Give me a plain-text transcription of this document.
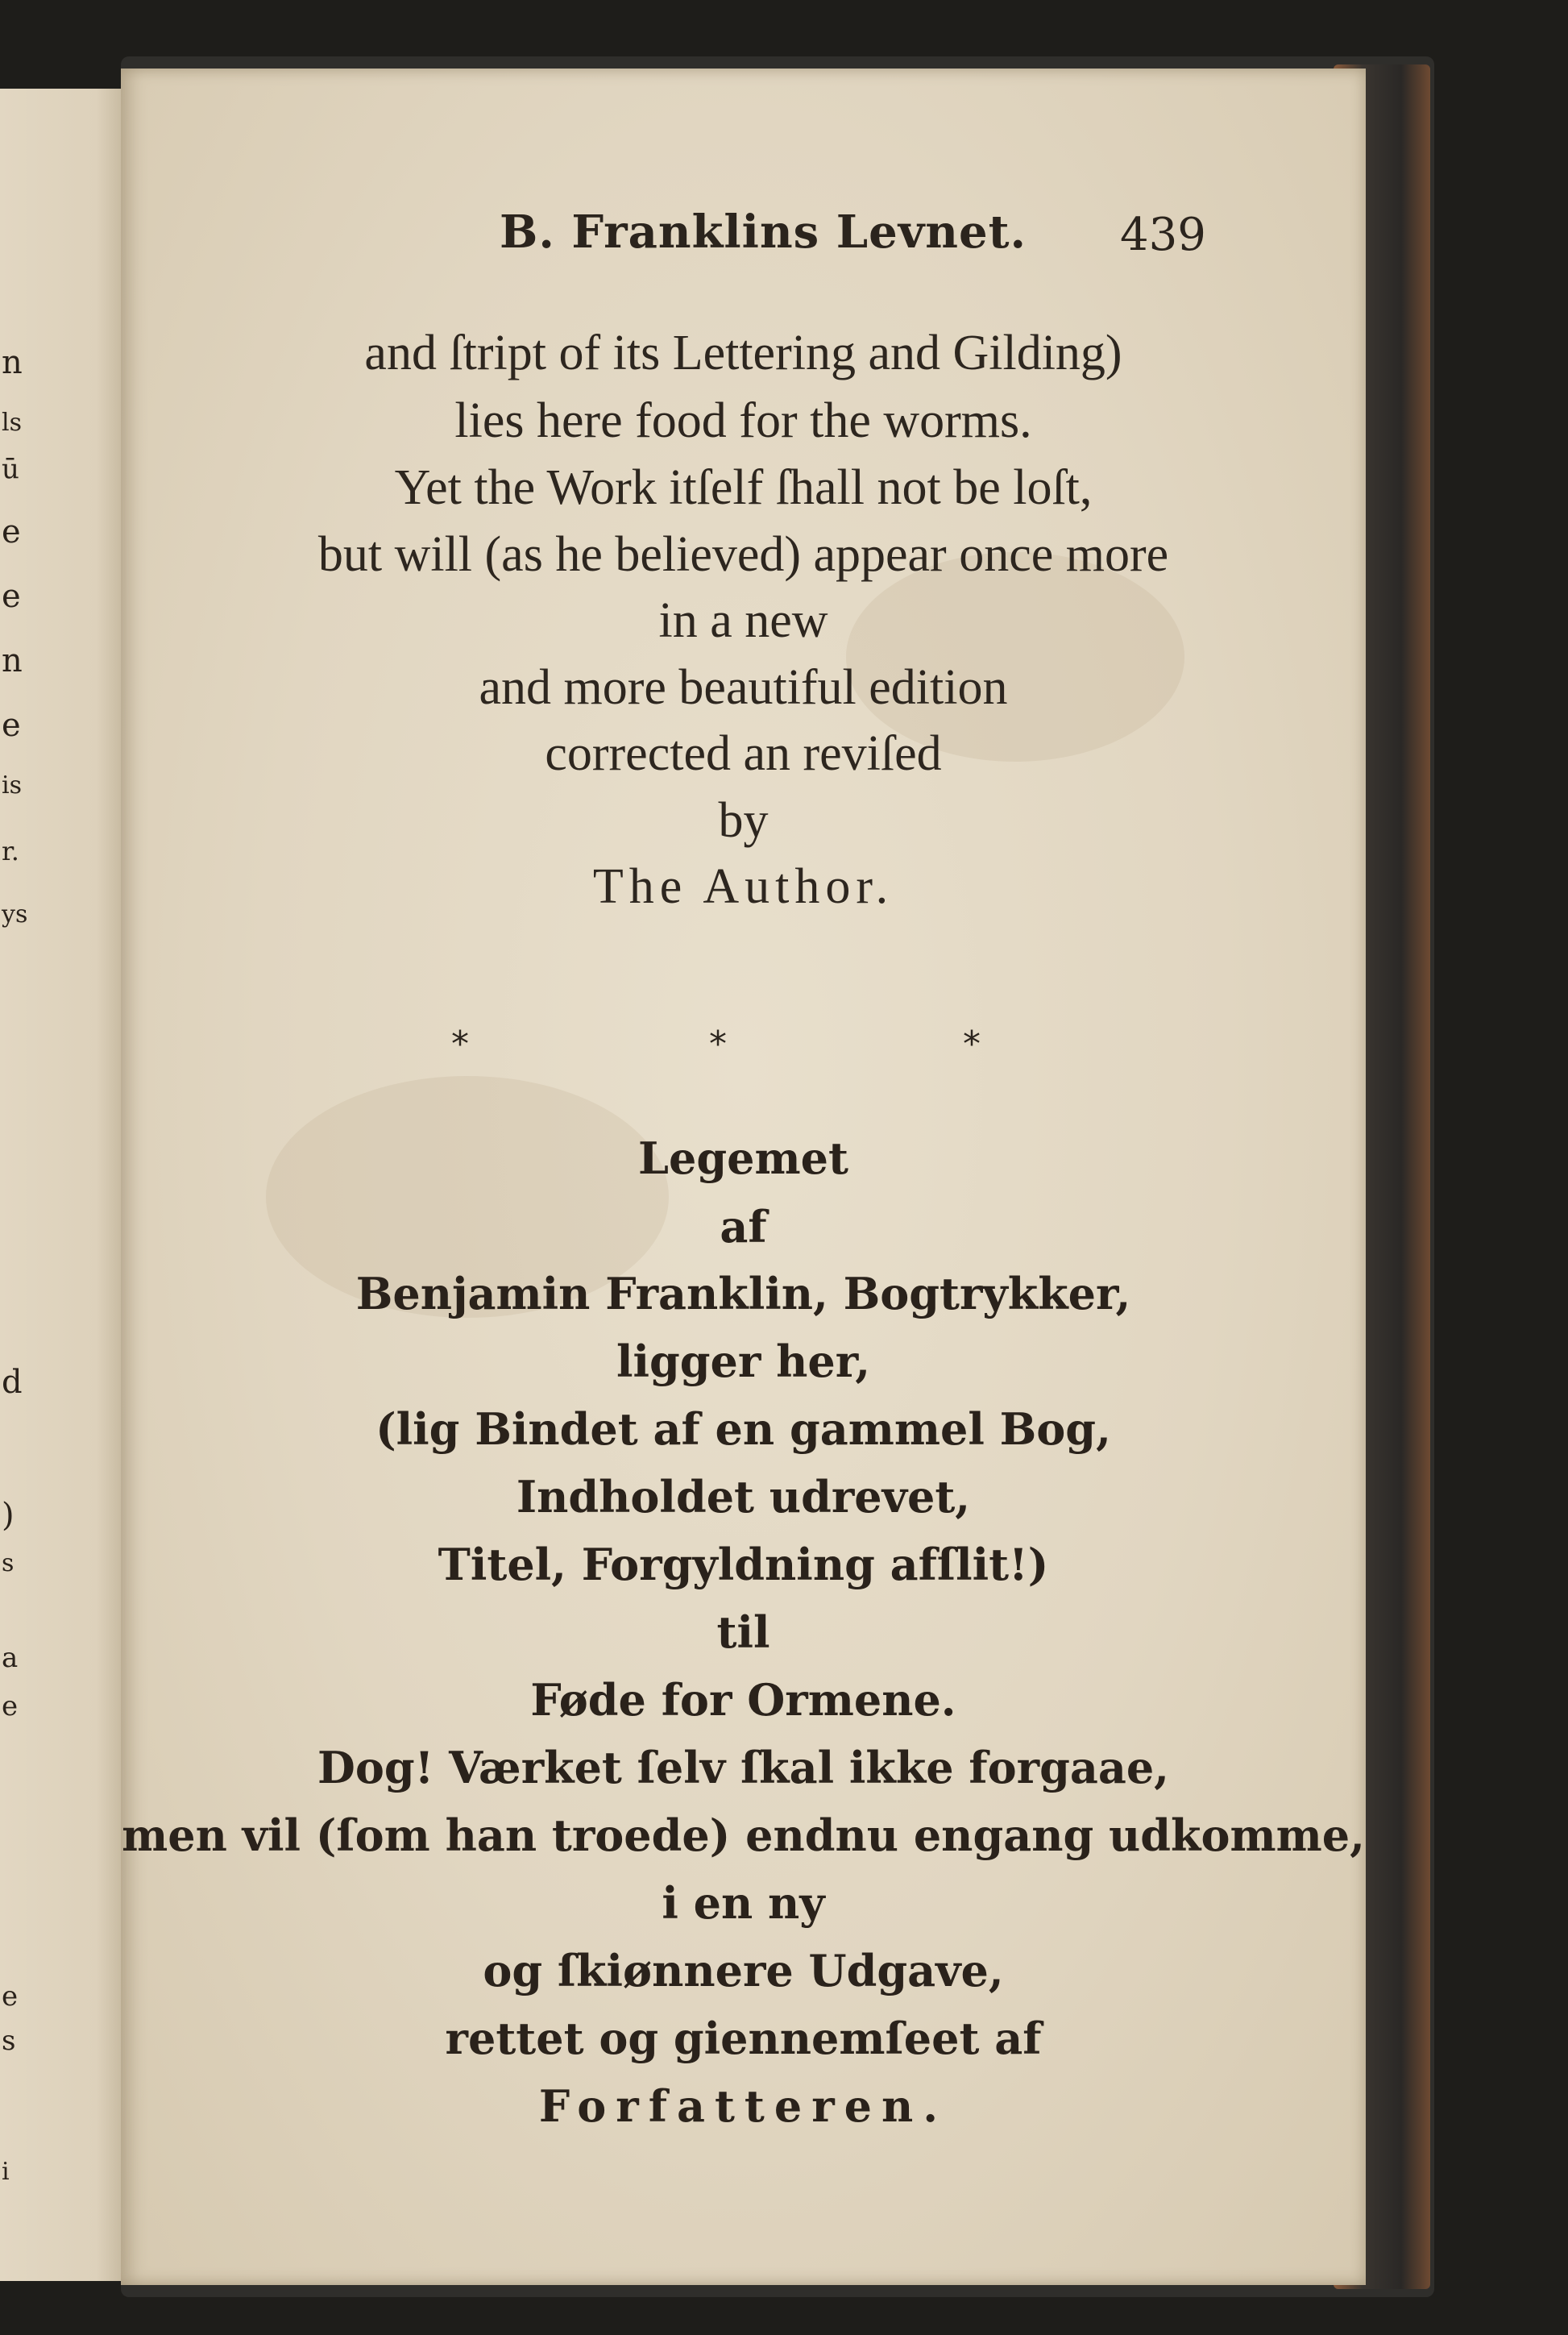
n
ls
ū
e
e
n
e
is
r.
ys
d
)
s
a
e
e
s
i
B. Franklins Levnet. 439
and ſtript of its Lettering and Gilding)
lies here food for the worms.
Yet the Work itſelf ſhall not be loſt,
but will (as he believed) appear once more
in a new
and more beautiful edition
corrected an reviſed
by
The Author.
*	*	*
Legemet
af
Benjamin Franklin, Bogtrykker,
ligger her,
(lig Bindet af en gammel Bog,
Indholdet udrevet,
Titel, Forgyldning afſlit!)
til
Føde for Ormene.
Dog! Værket ſelv ſkal ikke forgaae,
men vil (ſom han troede) endnu engang udkomme,
i en ny
og ſkiønnere Udgave,
rettet og giennemſeet af
Forfatteren.
